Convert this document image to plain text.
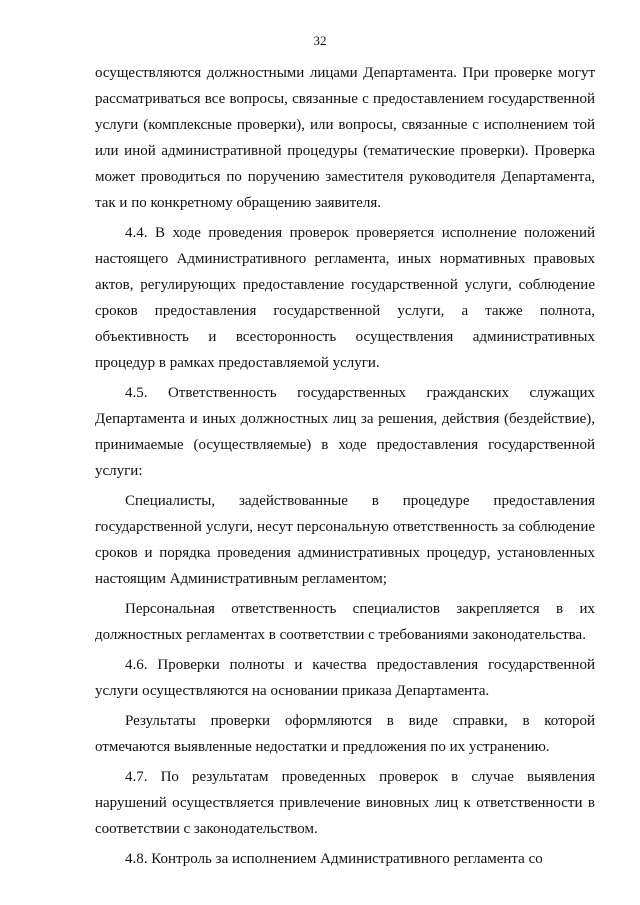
32

осуществляются должностными лицами Департамента. При проверке могут рассматриваться все вопросы, связанные с предоставлением государственной услуги (комплексные проверки), или вопросы, связанные с исполнением той или иной административной процедуры (тематические проверки). Проверка может проводиться по поручению заместителя руководителя Департамента, так и по конкретному обращению заявителя.

4.4. В ходе проведения проверок проверяется исполнение положений настоящего Административного регламента, иных нормативных правовых актов, регулирующих предоставление государственной услуги, соблюдение сроков предоставления государственной услуги, а также полнота, объективность и всесторонность осуществления административных процедур в рамках предоставляемой услуги.

4.5. Ответственность государственных гражданских служащих Департамента и иных должностных лиц за решения, действия (бездействие), принимаемые (осуществляемые) в ходе предоставления государственной услуги:

Специалисты, задействованные в процедуре предоставления государственной услуги, несут персональную ответственность за соблюдение сроков и порядка проведения административных процедур, установленных настоящим Административным регламентом;

Персональная ответственность специалистов закрепляется в их должностных регламентах в соответствии с требованиями законодательства.

4.6. Проверки полноты и качества предоставления государственной услуги осуществляются на основании приказа Департамента.

Результаты проверки оформляются в виде справки, в которой отмечаются выявленные недостатки и предложения по их устранению.

4.7. По результатам проведенных проверок в случае выявления нарушений осуществляется привлечение виновных лиц к ответственности в соответствии с законодательством.

4.8. Контроль за исполнением Административного регламента со
